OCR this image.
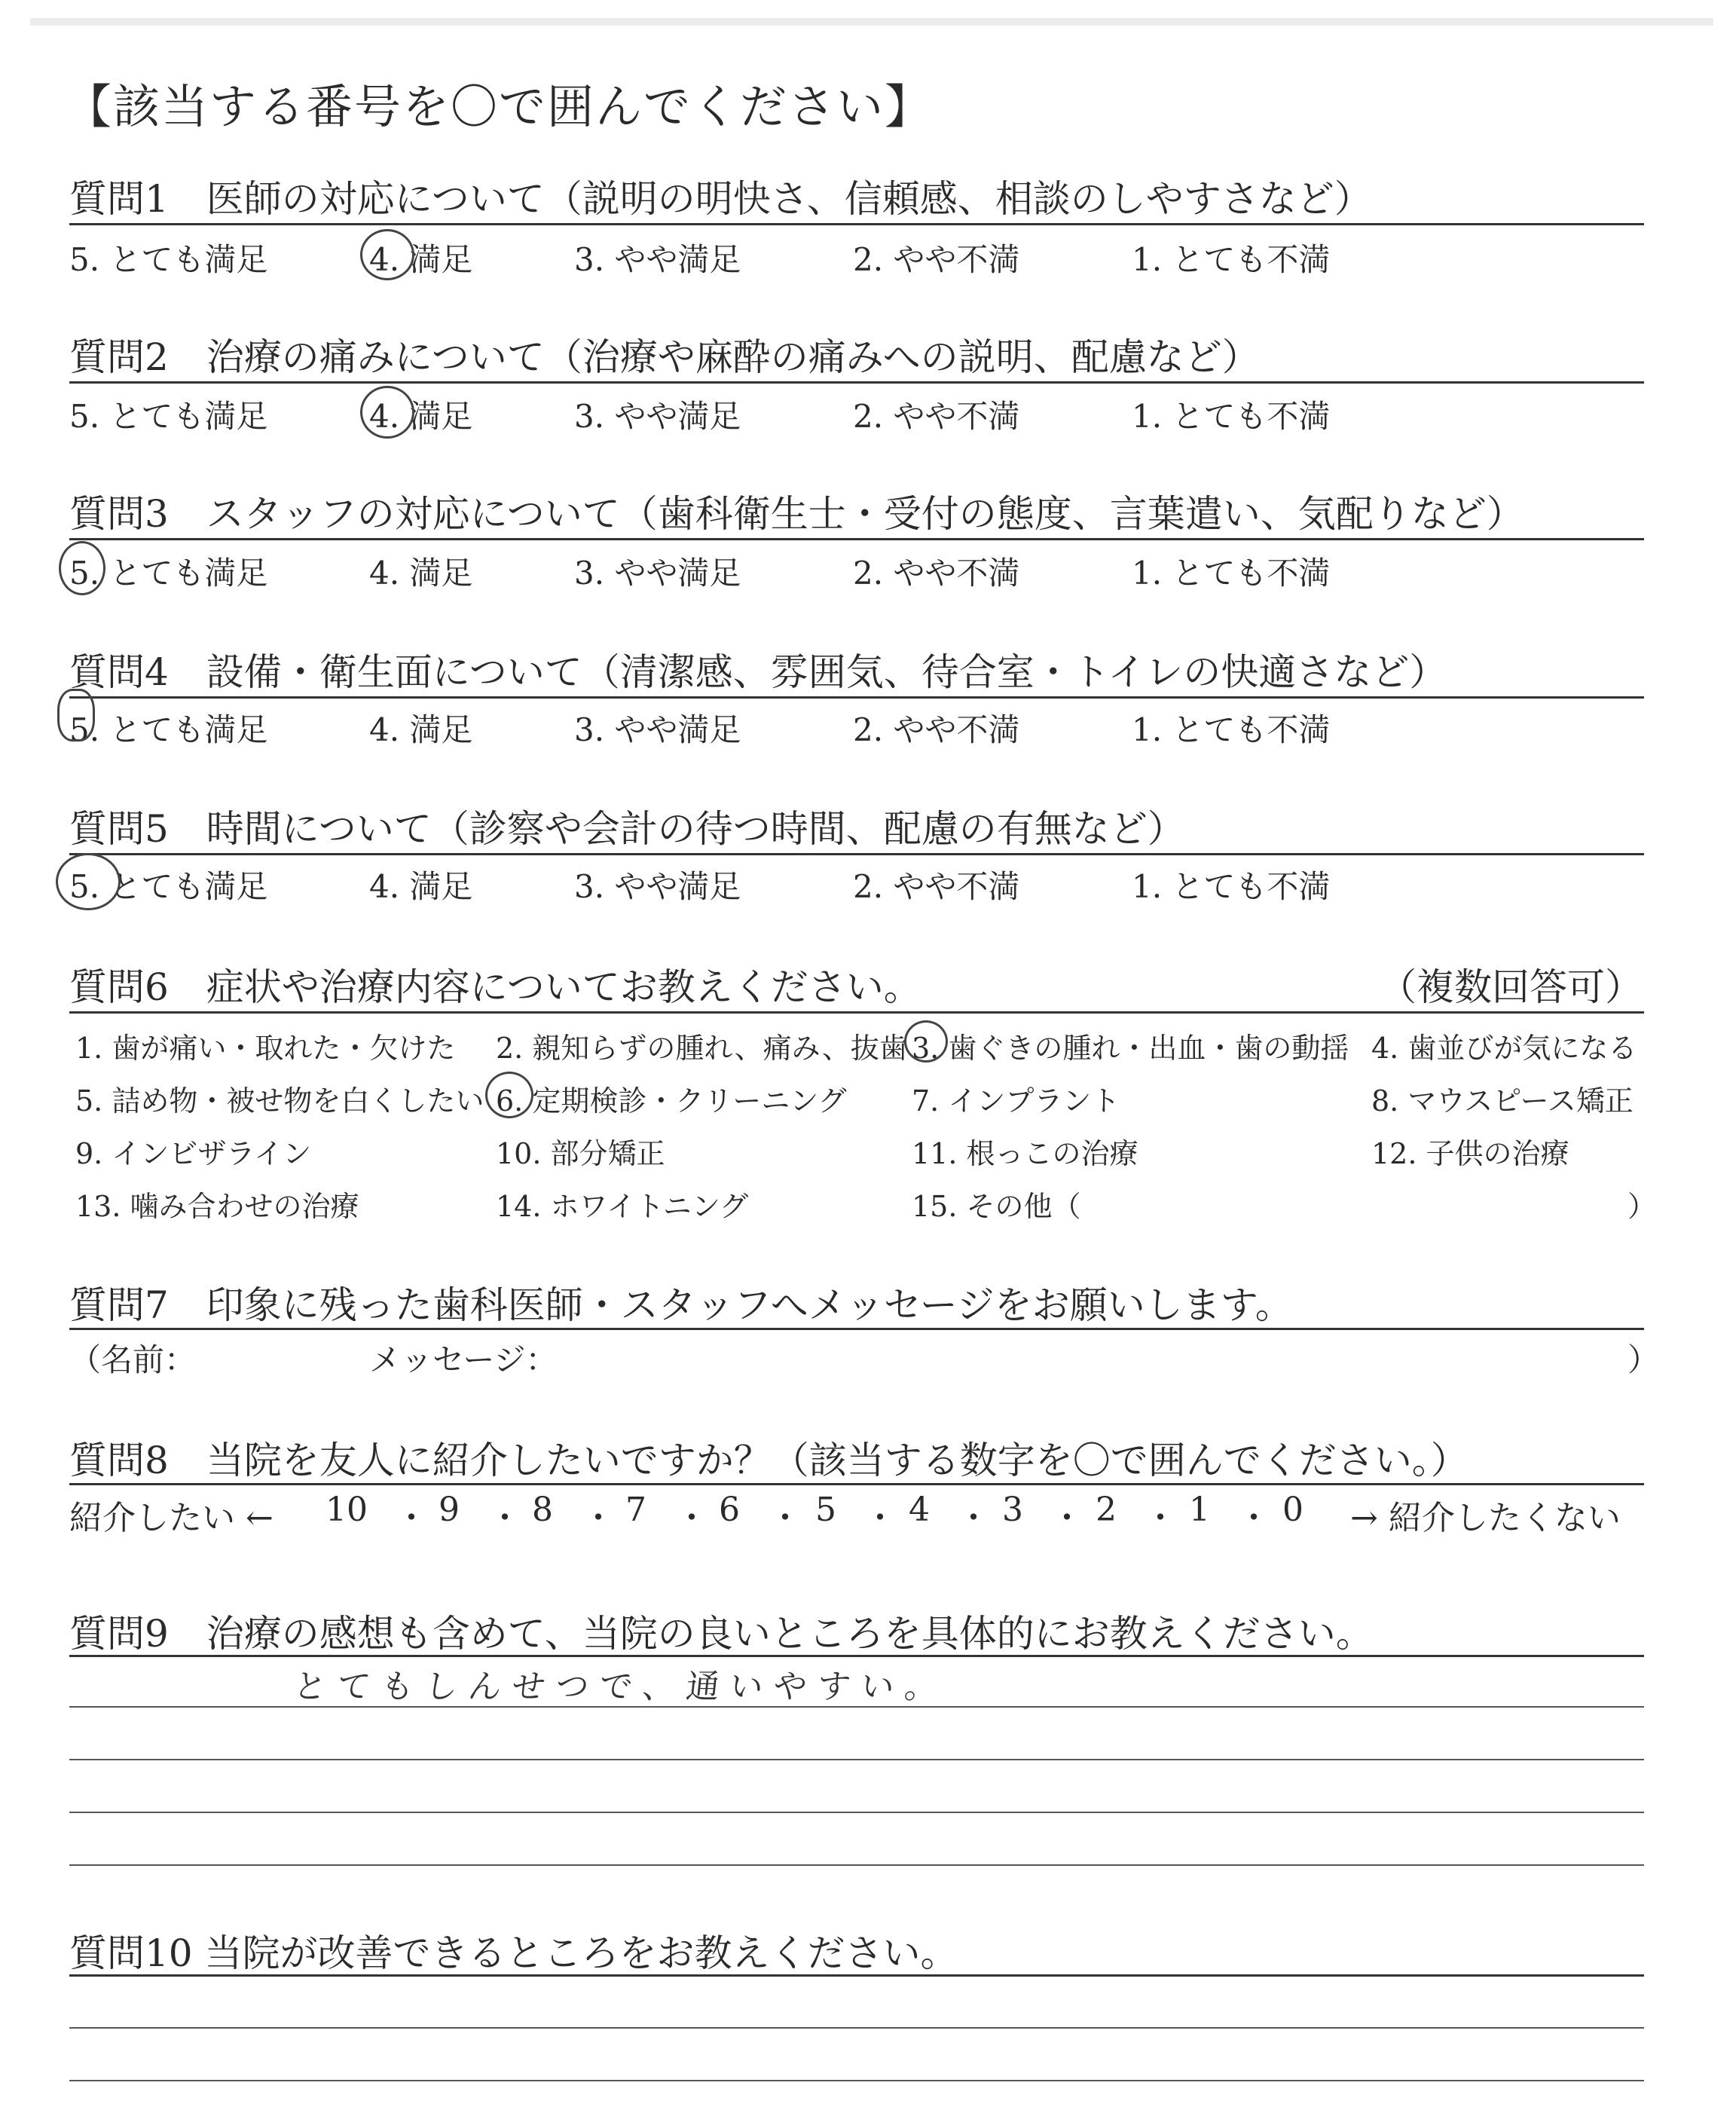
【該当する番号を〇で囲んでください】
質問1　医師の対応について（説明の明快さ、信頼感、相談のしやすさなど）
5. とても満足	4. 満足	3. やや満足	2. やや不満	1. とても不満
質問2　治療の痛みについて（治療や麻酔の痛みへの説明、配慮など）
5. とても満足	4. 満足	3. やや満足	2. やや不満	1. とても不満
質問3　スタッフの対応について（歯科衛生士・受付の態度、言葉遣い、気配りなど）
5. とても満足	4. 満足	3. やや満足	2. やや不満	1. とても不満
質問4　設備・衛生面について（清潔感、雰囲気、待合室・トイレの快適さなど）
5. とても満足	4. 満足	3. やや満足	2. やや不満	1. とても不満
質問5　時間について（診察や会計の待つ時間、配慮の有無など）
5. とても満足	4. 満足	3. やや満足	2. やや不満	1. とても不満
質問6　症状や治療内容についてお教えください。	（複数回答可）
1. 歯が痛い・取れた・欠けた 2. 親知らずの腫れ、痛み、抜歯 3. 歯ぐきの腫れ・出血・歯の動揺 4. 歯並びが気になる
5. 詰め物・被せ物を白くしたい 6. 定期検診・クリーニング 7. インプラント	8. マウスピース矯正
9. インビザライン	10. 部分矯正	11. 根っこの治療	12. 子供の治療
13. 噛み合わせの治療	14. ホワイトニング	15. その他（	）
質問7　印象に残った歯科医師・スタッフへメッセージをお願いします。
（名前：	メッセージ：	）
質問8　当院を友人に紹介したいですか？（該当する数字を〇で囲んでください。）
紹介したい ← 10 ・ 9 ・ 8 ・ 7 ・ 6 ・ 5 ・ 4 ・ 3 ・ 2 ・ 1 ・ 0 → 紹介したくない
質問9　治療の感想も含めて、当院の良いところを具体的にお教えください。
とてもしんせつで、通いやすい。
質問10 当院が改善できるところをお教えください。
